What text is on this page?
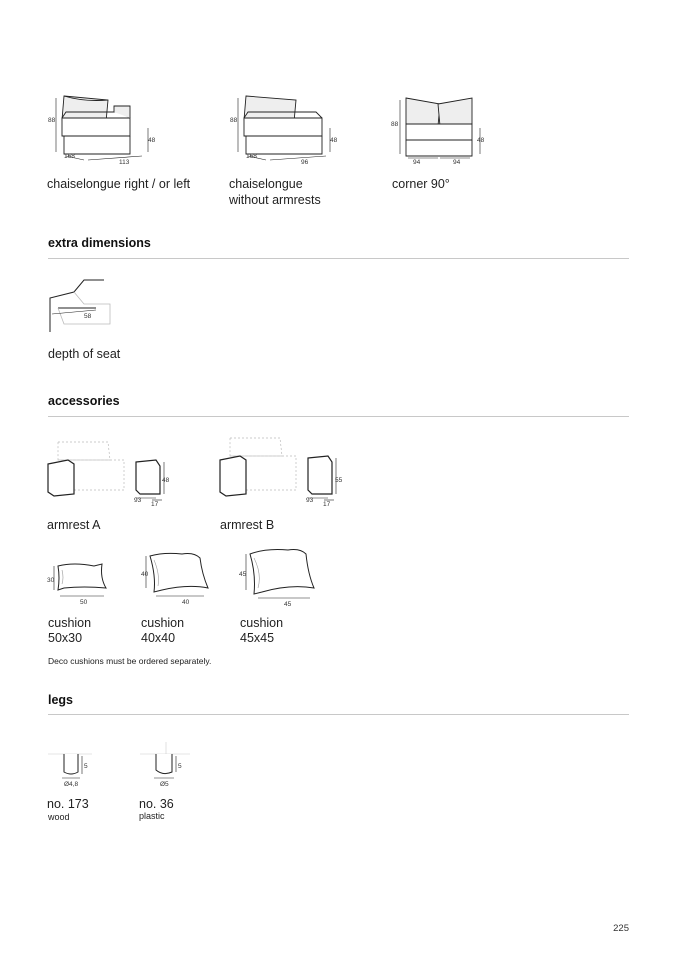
88
48
168
113
88
48
168
96
88
48
94	94
chaiselongue right / or left	chaiselongue
without armrests
corner 90°
extra dimensions
58
depth of seat
accessories
48
93
17
55
93
17
armrest A	armrest B
30
50
40
40
45
45
cushion
50x30
cushion
40x40
cushion
45x45
Deco cushions must be ordered separately.
legs
5
Ø4,8
5
Ø5
no. 173
wood
no. 36
plastic
225
